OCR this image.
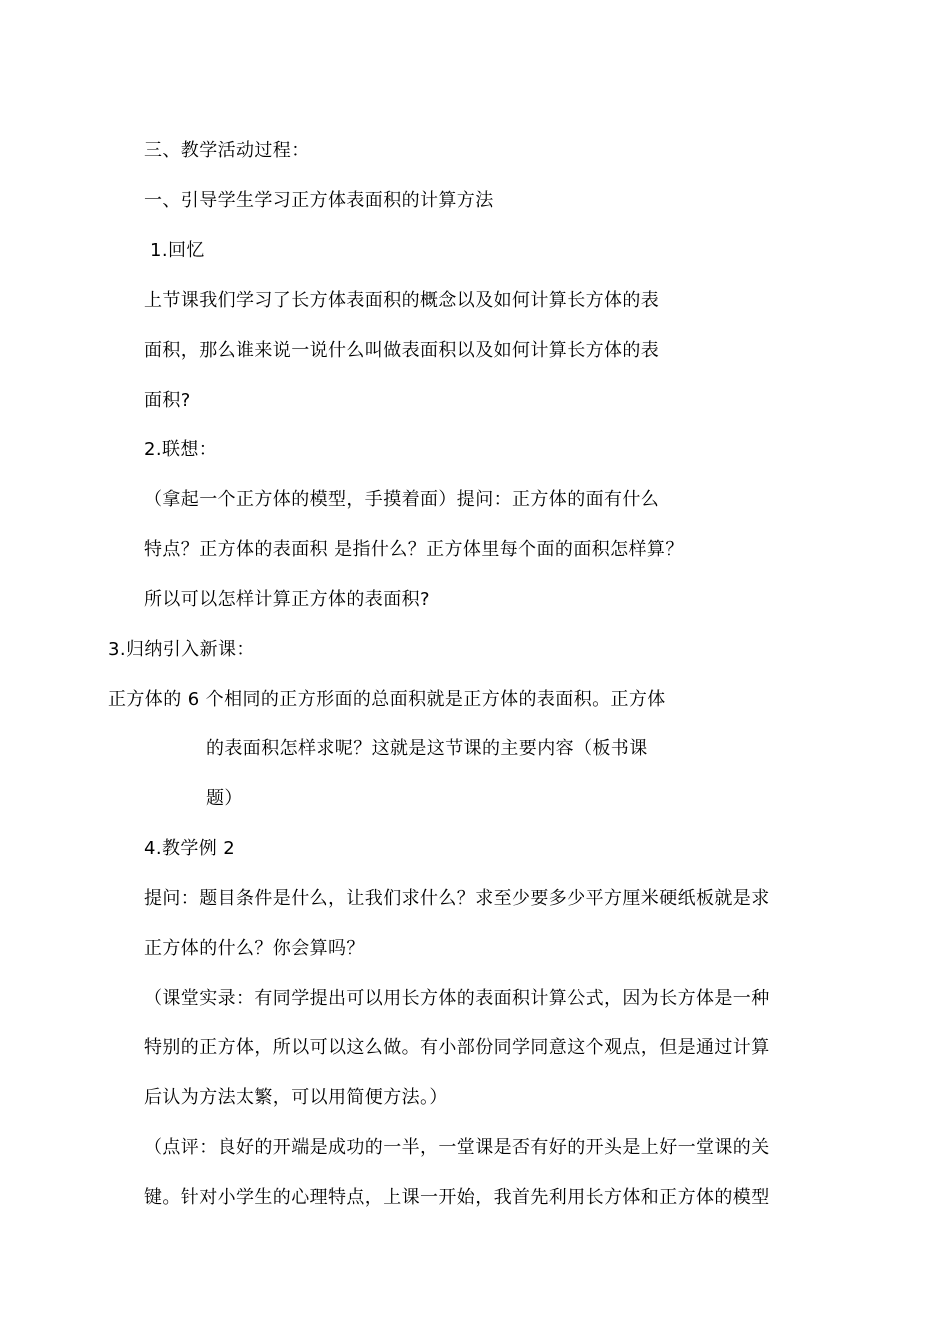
三、教学活动过程：
一、引导学生学习正方体表面积的计算方法
1.回忆
上节课我们学习了长方体表面积的概念以及如何计算长方体的表
面积，那么谁来说一说什么叫做表面积以及如何计算长方体的表
面积?
2.联想：
（拿起一个正方体的模型，手摸着面）提问：正方体的面有什么
特点？正方体的表面积 是指什么？正方体里每个面的面积怎样算？
所以可以怎样计算正方体的表面积?
3.归纳引入新课：
正方体的 6 个相同的正方形面的总面积就是正方体的表面积。正方体
的表面积怎样求呢？这就是这节课的主要内容（板书课
题）
4.教学例 2
提问：题目条件是什么，让我们求什么？求至少要多少平方厘米硬纸板就是求
正方体的什么？你会算吗？
（课堂实录：有同学提出可以用长方体的表面积计算公式，因为长方体是一种
特别的正方体，所以可以这么做。有小部份同学同意这个观点，但是通过计算
后认为方法太繁，可以用简便方法。）
（点评：良好的开端是成功的一半，一堂课是否有好的开头是上好一堂课的关
键。针对小学生的心理特点，上课一开始，我首先利用长方体和正方体的模型
